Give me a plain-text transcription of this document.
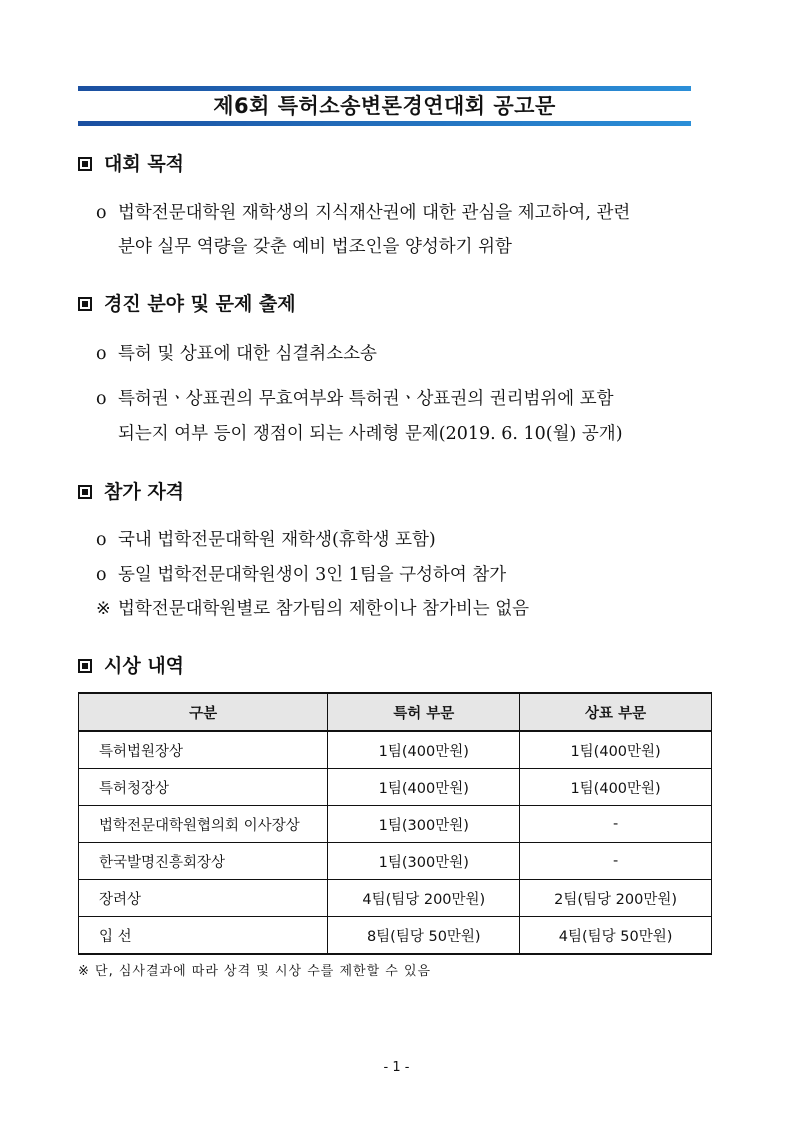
제6회 특허소송변론경연대회 공고문
대회 목적
o 법학전문대학원 재학생의 지식재산권에 대한 관심을 제고하여, 관련
분야 실무 역량을 갖춘 예비 법조인을 양성하기 위함
경진 분야 및 문제 출제
o 특허 및 상표에 대한 심결취소소송
o 특허권ㆍ상표권의 무효여부와 특허권ㆍ상표권의 권리범위에 포함
되는지 여부 등이 쟁점이 되는 사례형 문제(2019. 6. 10(월) 공개)
참가 자격
o 국내 법학전문대학원 재학생(휴학생 포함)
o 동일 법학전문대학원생이 3인 1팀을 구성하여 참가
※ 법학전문대학원별로 참가팀의 제한이나 참가비는 없음
시상 내역
구분	특허 부문	상표 부문
특허법원장상	1팀(400만원)	1팀(400만원)
특허청장상	1팀(400만원)	1팀(400만원)
법학전문대학원협의회 이사장상	1팀(300만원)	-
한국발명진흥회장상	1팀(300만원)	-
장려상	4팀(팀당 200만원)	2팀(팀당 200만원)
입 선	8팀(팀당 50만원)	4팀(팀당 50만원)
※ 단, 심사결과에 따라 상격 및 시상 수를 제한할 수 있음
- 1 -
